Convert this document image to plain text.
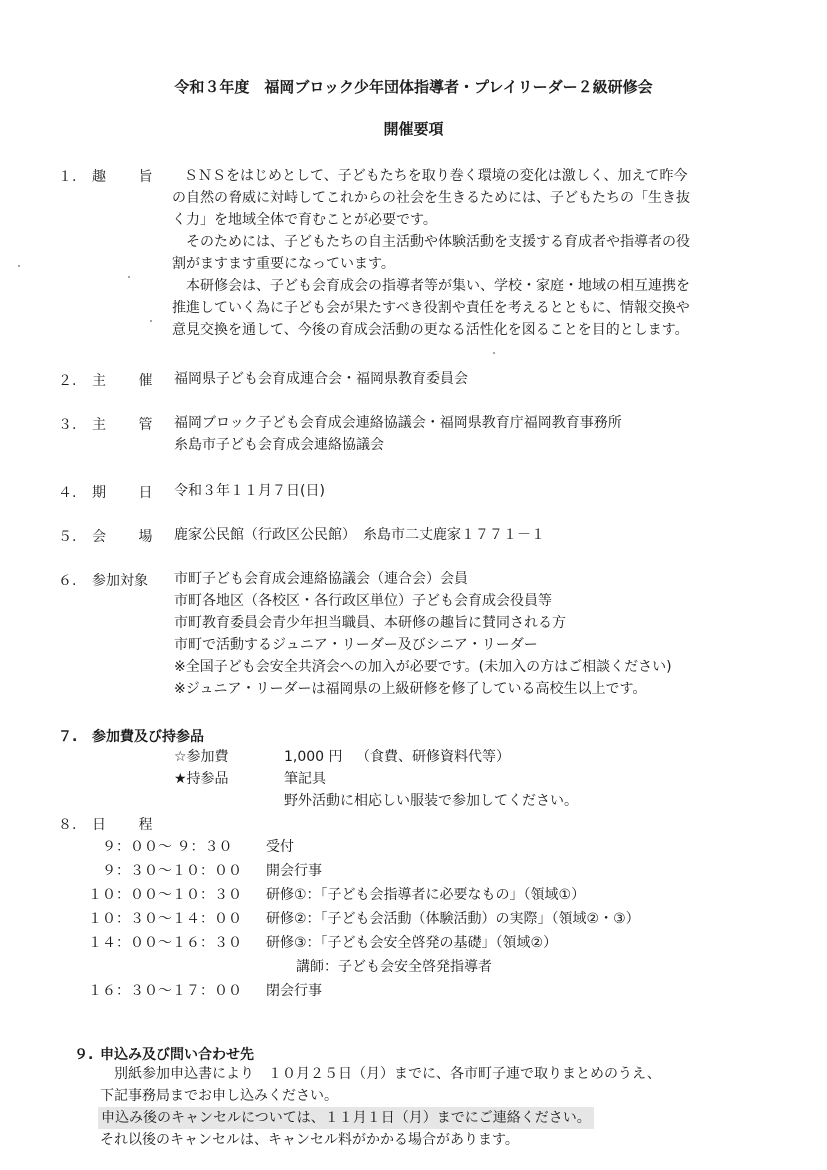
令和３年度　福岡ブロック少年団体指導者・プレイリーダー２級研修会
開催要項
１. 趣 旨	ＳＮＳをはじめとして、子どもたちを取り巻く環境の変化は激しく、加えて昨今
の自然の脅威に対峙してこれからの社会を生きるためには、子どもたちの「生き抜
く力」を地域全体で育むことが必要です。
そのためには、子どもたちの自主活動や体験活動を支援する育成者や指導者の役
割がますます重要になっています。
本研修会は、子ども会育成会の指導者等が集い、学校・家庭・地域の相互連携を
推進していく為に子ども会が果たすべき役割や責任を考えるとともに、情報交換や
意見交換を通して、今後の育成会活動の更なる活性化を図ることを目的とします。
２. 主 催 福岡県子ども会育成連合会・福岡県教育委員会
３. 主 管 福岡ブロック子ども会育成会連絡協議会・福岡県教育庁福岡教育事務所
糸島市子ども会育成会連絡協議会
４. 期 日 令和３年１１月７日(日)
５. 会 場 鹿家公民館（行政区公民館）　糸島市二丈鹿家１７７１－１
６. 参加対象 市町子ども会育成会連絡協議会（連合会）会員
市町各地区（各校区・各行政区単位）子ども会育成会役員等
市町教育委員会青少年担当職員、本研修の趣旨に賛同される方
市町で活動するジュニア・リーダー及びシニア・リーダー
※全国子ども会安全共済会への加入が必要です。(未加入の方はご相談ください)
※ジュニア・リーダーは福岡県の上級研修を修了している高校生以上です。
７. 参加費及び持参品
☆参加費	1,000 円 （食費、研修資料代等）
★持参品	筆記具
野外活動に相応しい服装で参加してください。
８. 日 程
９：００～ ９：３０ 受付
９：３０～１０：００ 開会行事
１０：００～１０：３０ 研修①：「子ども会指導者に必要なもの」（領域①）
１０：３０～１４：００ 研修②：「子ども会活動（体験活動）の実際」（領域②・③）
１４：００～１６：３０ 研修③：「子ども会安全啓発の基礎」（領域②）
講師：子ども会安全啓発指導者
１６：３０～１７：００ 閉会行事
９. 申込み及び問い合わせ先
別紙参加申込書により　１０月２５日（月）までに、各市町子連で取りまとめのうえ、
下記事務局までお申し込みください。
申込み後のキャンセルについては、１１月１日（月）までにご連絡ください。
それ以後のキャンセルは、キャンセル料がかかる場合があります。
